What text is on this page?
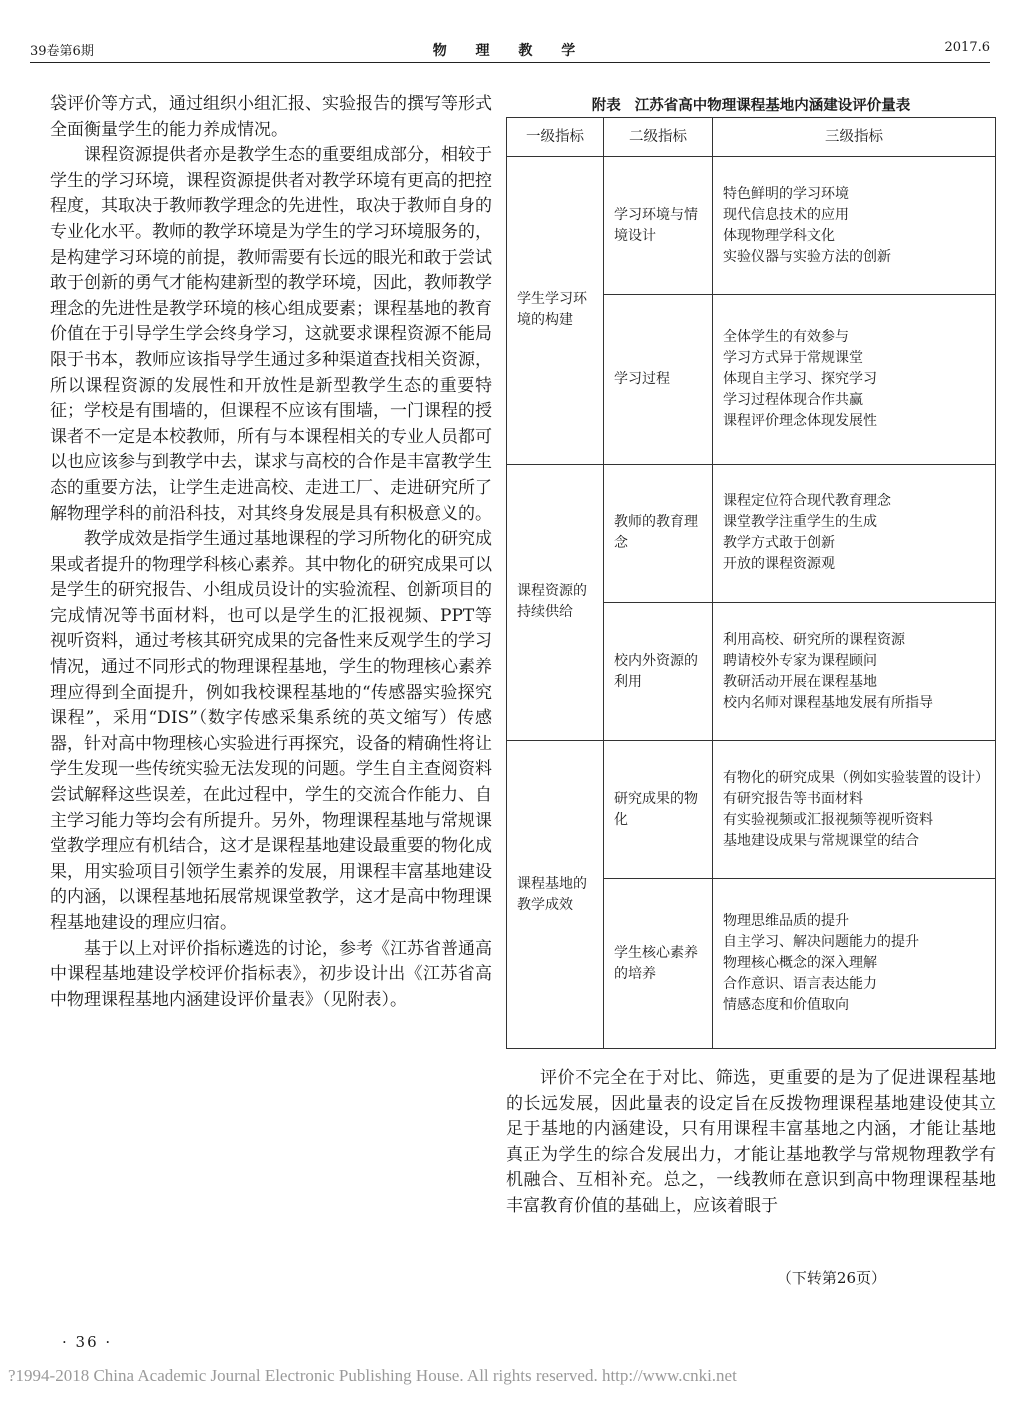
39卷第6期	物 理 教 学	2017.6

袋评价等方式，通过组织小组汇报、实验报告的撰写等形式全面衡量学生的能力养成情况。

课程资源提供者亦是教学生态的重要组成部分，相较于学生的学习环境，课程资源提供者对教学环境有更高的把控程度，其取决于教师教学理念的先进性，取决于教师自身的专业化水平。教师的教学环境是为学生的学习环境服务的，是构建学习环境的前提，教师需要有长远的眼光和敢于尝试敢于创新的勇气才能构建新型的教学环境，因此，教师教学理念的先进性是教学环境的核心组成要素；课程基地的教育价值在于引导学生学会终身学习，这就要求课程资源不能局限于书本，教师应该指导学生通过多种渠道查找相关资源，所以课程资源的发展性和开放性是新型教学生态的重要特征；学校是有围墙的，但课程不应该有围墙，一门课程的授课者不一定是本校教师，所有与本课程相关的专业人员都可以也应该参与到教学中去，谋求与高校的合作是丰富教学生态的重要方法，让学生走进高校、走进工厂、走进研究所了解物理学科的前沿科技，对其终身发展是具有积极意义的。

教学成效是指学生通过基地课程的学习所物化的研究成果或者提升的物理学科核心素养。其中物化的研究成果可以是学生的研究报告、小组成员设计的实验流程、创新项目的完成情况等书面材料，也可以是学生的汇报视频、PPT等视听资料，通过考核其研究成果的完备性来反观学生的学习情况，通过不同形式的物理课程基地，学生的物理核心素养理应得到全面提升，例如我校课程基地的“传感器实验探究课程”，采用“DIS”（数字传感采集系统的英文缩写）传感器，针对高中物理核心实验进行再探究，设备的精确性将让学生发现一些传统实验无法发现的问题。学生自主查阅资料尝试解释这些误差，在此过程中，学生的交流合作能力、自主学习能力等均会有所提升。另外，物理课程基地与常规课堂教学理应有机结合，这才是课程基地建设最重要的物化成果，用实验项目引领学生素养的发展，用课程丰富基地建设的内涵，以课程基地拓展常规课堂教学，这才是高中物理课程基地建设的理应归宿。

基于以上对评价指标遴选的讨论，参考《江苏省普通高中课程基地建设学校评价指标表》，初步设计出《江苏省高中物理课程基地内涵建设评价量表》（见附表）。

附表 江苏省高中物理课程基地内涵建设评价量表
一级指标	二级指标	三级指标
学生学习环境的构建	学习环境与情境设计	特色鲜明的学习环境
现代信息技术的应用
体现物理学科文化
实验仪器与实验方法的创新

	学习过程	全体学生的有效参与
学习方式异于常规课堂
体现自主学习、探究学习
学习过程体现合作共赢
课程评价理念体现发展性

课程资源的持续供给	教师的教育理念	课程定位符合现代教育理念
课堂教学注重学生的生成
教学方式敢于创新
开放的课程资源观

	校内外资源的利用	利用高校、研究所的课程资源
聘请校外专家为课程顾问
教研活动开展在课程基地
校内名师对课程基地发展有所指导

课程基地的教学成效	研究成果的物化	有物化的研究成果（例如实验装置的设计）
有研究报告等书面材料
有实验视频或汇报视频等视听资料
基地建设成果与常规课堂的结合

	学生核心素养的培养	物理思维品质的提升
自主学习、解决问题能力的提升
物理核心概念的深入理解
合作意识、语言表达能力
情感态度和价值取向

评价不完全在于对比、筛选，更重要的是为了促进课程基地的长远发展，因此量表的设定旨在反拨物理课程基地建设使其立足于基地的内涵建设，只有用课程丰富基地之内涵，才能让基地真正为学生的综合发展出力，才能让基地教学与常规物理教学有机融合、互相补充。总之，一线教师在意识到高中物理课程基地丰富教育价值的基础上，应该着眼于

（下转第26页）
· 36 ·
?1994-2018 China Academic Journal Electronic Publishing House. All rights reserved. http://www.cnki.net
